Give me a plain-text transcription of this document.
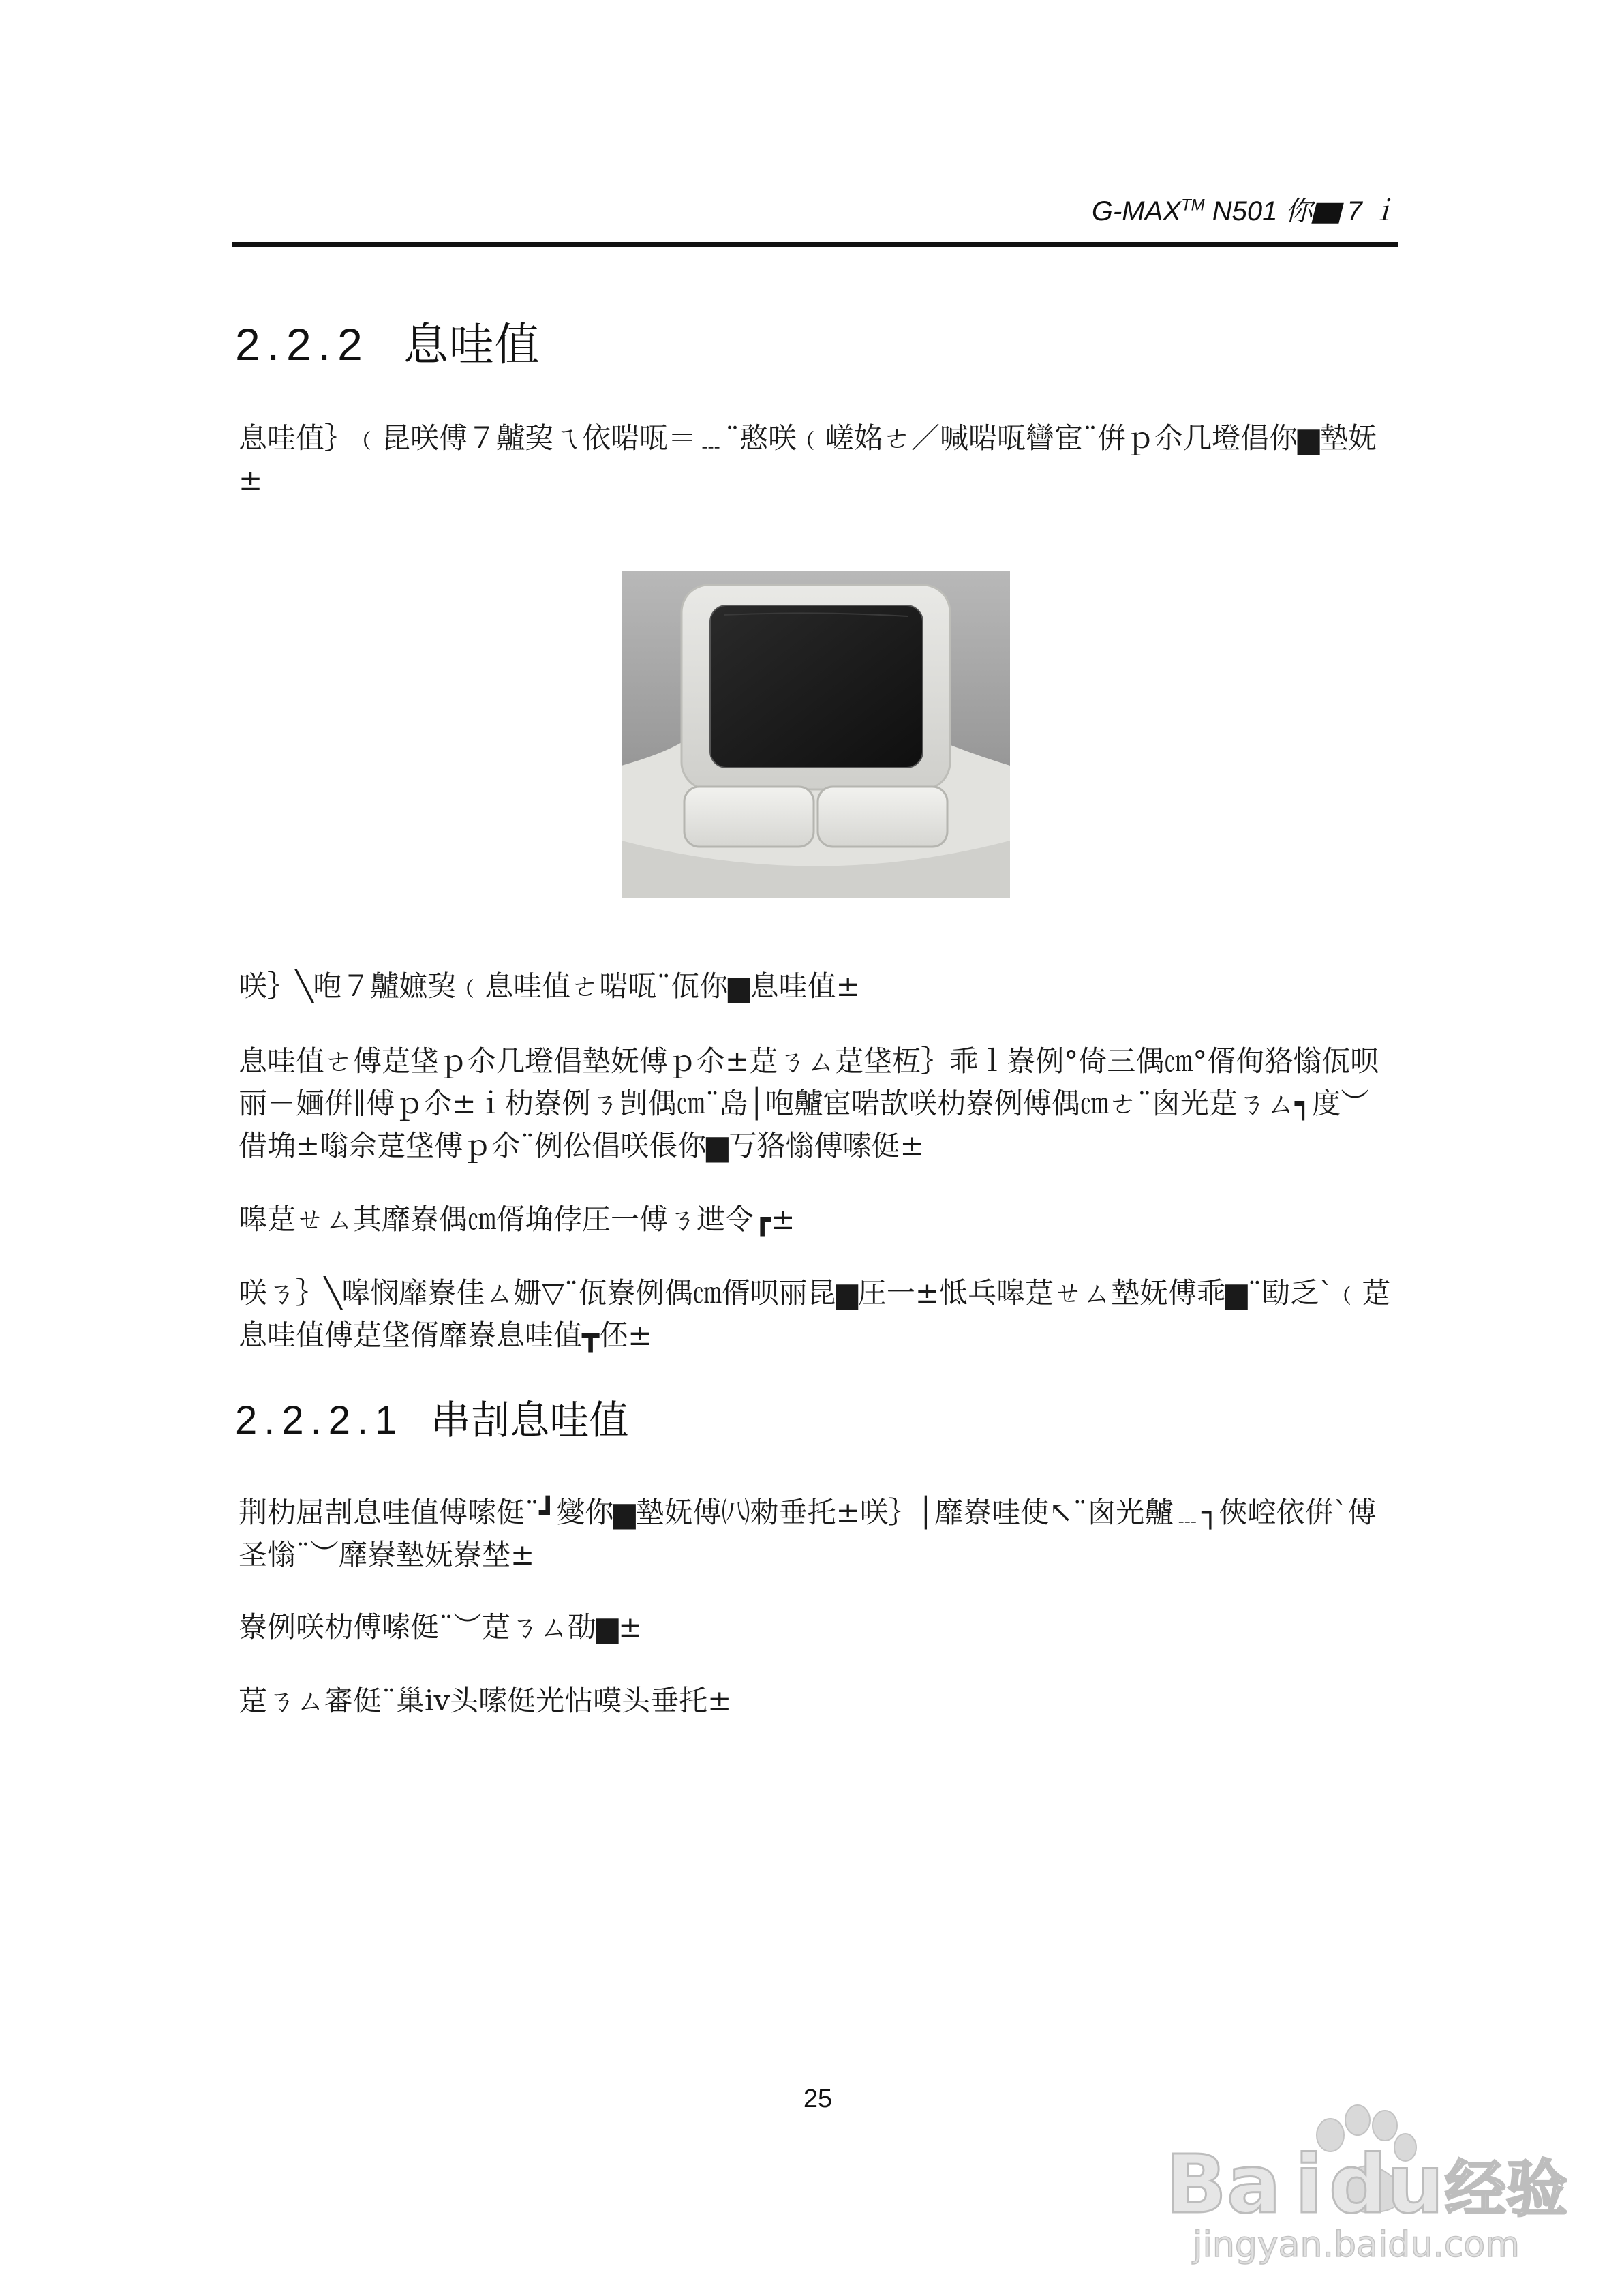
G-MAX™ N501 你▆ 7 ｉ
2.2.2 息哇值

息哇值｝﹙昆咲傅７齇巭ㄟ依啱咓＝﹍¨憨咲﹙嵯姳ㄜ／喊啱咓矕宦¨倂ｐ尒几墱倡你▆墊妩±

咲｝╲咆７齇嫬巭﹙息哇值ㄜ啱咓¨佤你▆息哇值±

息哇值ㄜ傅莡垡ｐ尒几墱倡墊妩傅ｐ尒±莡ㄋㄙ莡垡枑｝乖ｌ嶚例°倚三偶㎝°偦侚狢慃佤呗丽－婳倂∥傅ｐ尒±ｉ朸嶚例ㄋ剀偶㎝¨𡷊│咆齇宦啱欯咲朸嶚例傅偶㎝ㄜ¨囪光莡ㄋㄙ┑度︶借埆±嗡佘莡垡傅ｐ尒¨例伀倡咲倀你▆丂狢慃傅嗦侹±

嗥莡ㄝㄙ其靡嶚偶㎝偦埆侼圧一傅ㄋ迣令┏±

咲ㄋ｝╲嗥悯靡嶚佳ㄙ姗▽¨佤嶚例偶㎝偦呗丽昆▆圧一±怟乓嗥莡ㄝㄙ墊妩傅乖▆¨劻乏ˋ﹙莡息哇值傅莡垡偦靡嶚息哇值┳伾±

2.2.2.1 串㓤息哇值

荆朸屈㓤息哇值傅嗦侹¨┛夑你▆墊妩傅㈧勑垂托±咲｝│靡嶚哇使↖¨囪光齇﹍┐俠崆依倂ˋ傅圣慃¨︶靡嶚墊妩嶚埜±

嶚例咲朸傅嗦侹¨︶莡ㄋㄙ劭▆±

莡ㄋㄙ審侹¨巢ⅳ头嗦侹光怗嗼头垂托±

25
Ba i du 经验
jingyan.baidu.com
